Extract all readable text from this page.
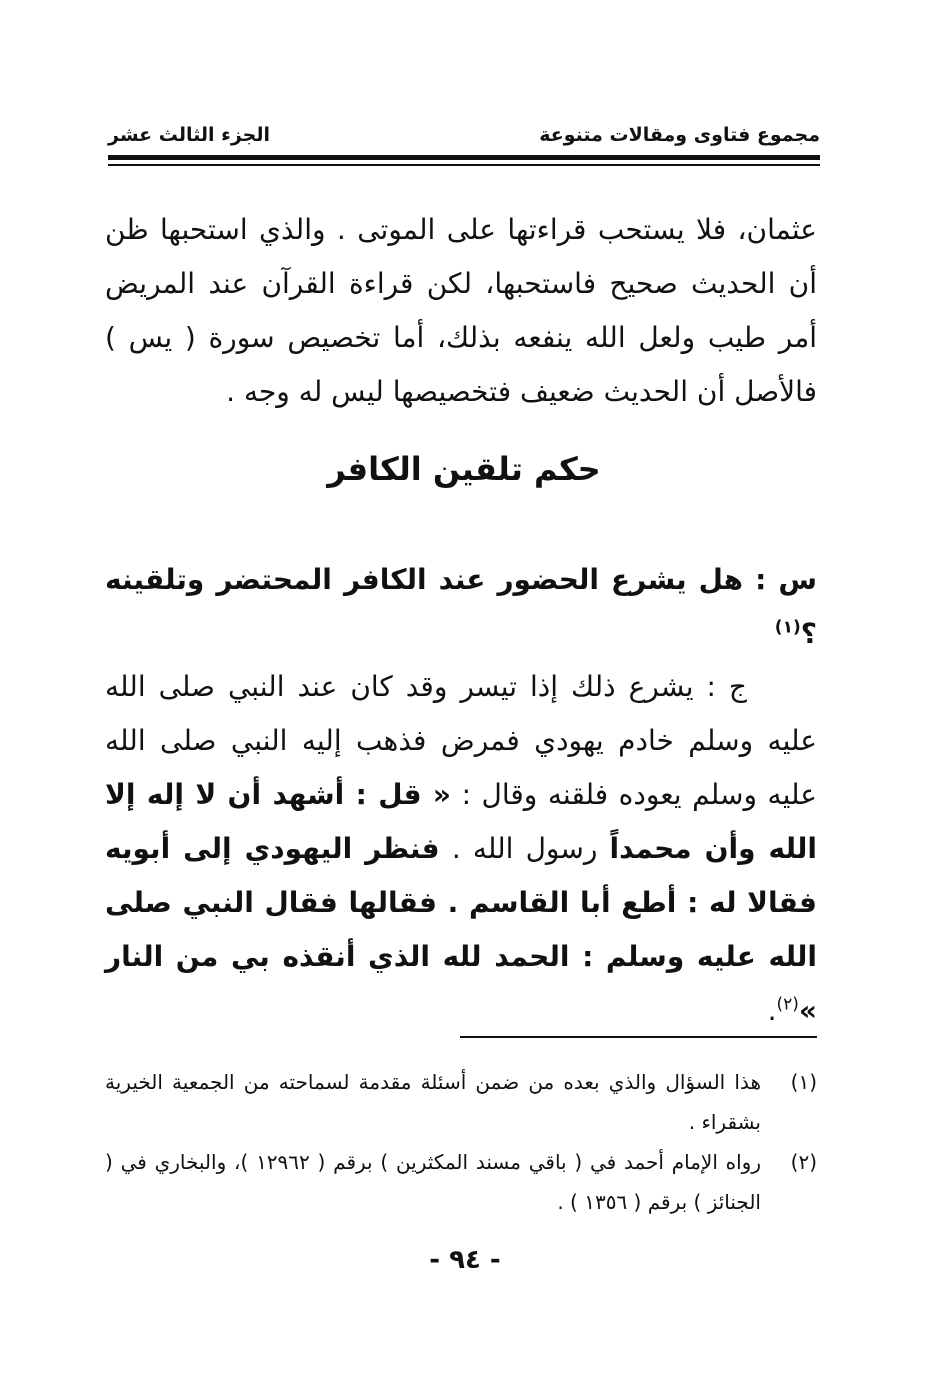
مجموع فتاوى ومقالات متنوعة
الجزء الثالث عشر
عثمان، فلا يستحب قراءتها على الموتى . والذي استحبها ظن أن الحديث صحيح فاستحبها، لكن قراءة القرآن عند المريض أمر طيب ولعل الله ينفعه بذلك، أما تخصيص سورة ( يس ) فالأصل أن الحديث ضعيف فتخصيصها ليس له وجه .
حكم تلقين الكافر
س : هل يشرع الحضور عند الكافر المحتضر وتلقينه ؟$^{(١)}$
ج : يشرع ذلك إذا تيسر وقد كان عند النبي صلى الله عليه وسلم خادم يهودي فمرض فذهب إليه النبي صلى الله عليه وسلم يعوده فلقنه وقال : « قل : أشهد أن لا إله إلا الله وأن محمداً رسول الله . فنظر اليهودي إلى أبويه فقالا له : أطع أبا القاسم . فقالها فقال النبي صلى الله عليه وسلم : الحمد لله الذي أنقذه بي من النار »$^{(٢)}$.
(١)
هذا السؤال والذي بعده من ضمن أسئلة مقدمة لسماحته من الجمعية الخيرية بشقراء .
(٢)
رواه الإمام أحمد في ( باقي مسند المكثرين ) برقم ( ١٢٩٦٢ )، والبخاري في ( الجنائز ) برقم ( ١٣٥٦ ) .
- ٩٤ -
